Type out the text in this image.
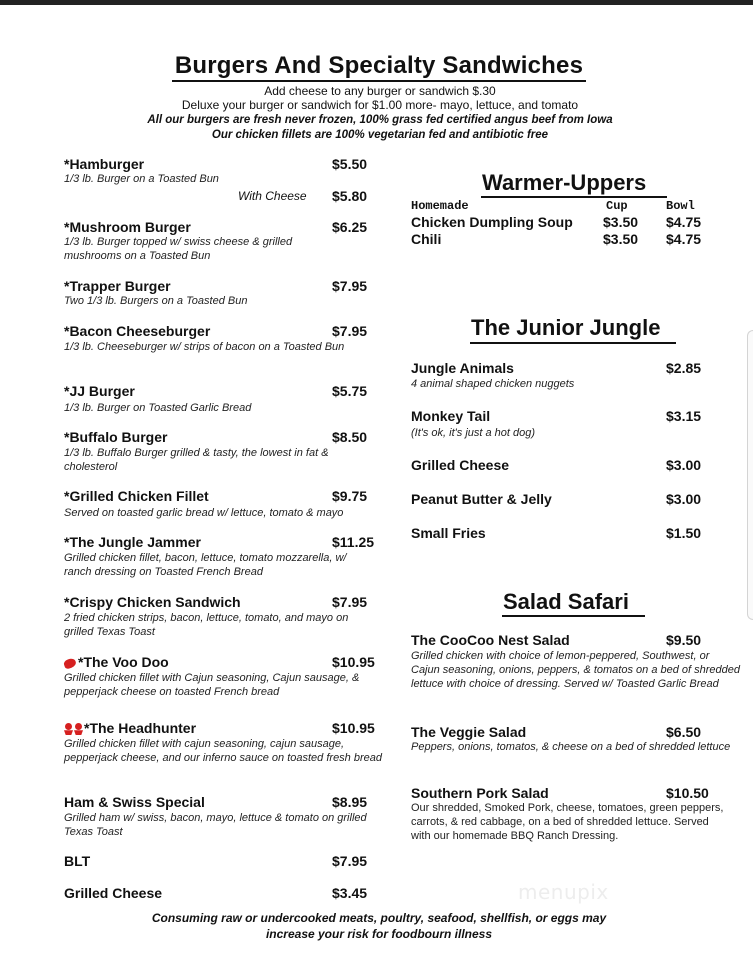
Burgers And Specialty Sandwiches
Add cheese to any burger or sandwich $.30
Deluxe your burger or sandwich for $1.00 more- mayo, lettuce, and tomato
All our burgers are fresh never frozen, 100% grass fed certified angus beef from Iowa
Our chicken fillets are 100% vegetarian fed and antibiotic free
*Hamburger	$5.50
1/3 lb. Burger on a Toasted Bun
With Cheese $5.80
*Mushroom Burger	$6.25
1/3 lb. Burger topped w/ swiss cheese & grilled mushrooms on a Toasted Bun
*Trapper Burger	$7.95
Two 1/3 lb. Burgers on a Toasted Bun
*Bacon Cheeseburger	$7.95
1/3 lb. Cheeseburger w/ strips of bacon on a Toasted Bun
*JJ Burger	$5.75
1/3 lb. Burger on Toasted Garlic Bread
*Buffalo Burger	$8.50
1/3 lb. Buffalo Burger grilled & tasty, the lowest in fat & cholesterol
*Grilled Chicken Fillet	$9.75
Served on toasted garlic bread w/ lettuce, tomato & mayo
*The Jungle Jammer	$11.25
Grilled chicken fillet, bacon, lettuce, tomato mozzarella, w/ ranch dressing on Toasted French Bread
*Crispy Chicken Sandwich	$7.95
2 fried chicken strips, bacon, lettuce, tomato, and mayo on grilled Texas Toast
*The Voo Doo	$10.95
Grilled chicken fillet with Cajun seasoning, Cajun sausage, & pepperjack cheese on toasted French bread
*The Headhunter	$10.95
Grilled chicken fillet with cajun seasoning, cajun sausage, pepperjack cheese, and our inferno sauce on toasted fresh bread
Ham & Swiss Special	$8.95
Grilled ham w/ swiss, bacon, mayo, lettuce & tomato on grilled Texas Toast
BLT	$7.95
Grilled Cheese	$3.45
Warmer-Uppers
Homemade	Cup	Bowl
Chicken Dumpling Soup $3.50 $4.75
Chili	$3.50 $4.75
The Junior Jungle
Jungle Animals	$2.85
4 animal shaped chicken nuggets
Monkey Tail	$3.15
(It's ok, it's just a hot dog)
Grilled Cheese	$3.00
Peanut Butter & Jelly	$3.00
Small Fries	$1.50
Salad Safari
The CooCoo Nest Salad	$9.50
Grilled chicken with choice of lemon-peppered, Southwest, or Cajun seasoning, onions, peppers, & tomatos on a bed of shredded lettuce with choice of dressing. Served w/ Toasted Garlic Bread
The Veggie Salad	$6.50
Peppers, onions, tomatos, & cheese on a bed of shredded lettuce
Southern Pork Salad	$10.50
Our shredded, Smoked Pork, cheese, tomatoes, green peppers, carrots, & red cabbage, on a bed of shredded lettuce. Served with our homemade BBQ Ranch Dressing.
menupix
Consuming raw or undercooked meats, poultry, seafood, shellfish, or eggs may
increase your risk for foodbourn illness
